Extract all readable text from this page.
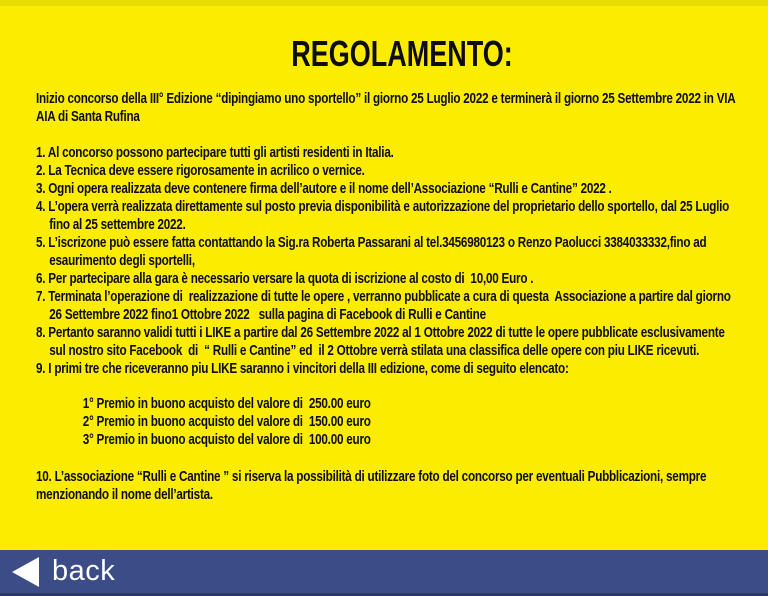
REGOLAMENTO:

Inizio concorso della III° Edizione “dipingiamo uno sportello” il giorno 25 Luglio 2022 e terminerà il giorno 25 Settembre 2022 in VIA AIA di Santa Rufina

1. Al concorso possono partecipare tutti gli artisti residenti in Italia.
2. La Tecnica deve essere rigorosamente in acrilico o vernice.
3. Ogni opera realizzata deve contenere firma dell’autore e il nome dell’Associazione “Rulli e Cantine” 2022 .
4. L’opera verrà realizzata direttamente sul posto previa disponibilità e autorizzazione del proprietario dello sportello, dal 25 Luglio fino al 25 settembre 2022.
5. L’iscrizone può essere fatta contattando la Sig.ra Roberta Passarani al tel.3456980123 o Renzo Paolucci 3384033332,fino ad esaurimento degli sportelli,
6. Per partecipare alla gara è necessario versare la quota di iscrizione al costo di  10,00 Euro .
7. Terminata l’operazione di  realizzazione di tutte le opere , verranno pubblicate a cura di questa  Associazione a partire dal giorno 26 Settembre 2022 fino1 Ottobre 2022   sulla pagina di Facebook di Rulli e Cantine
8. Pertanto saranno validi tutti i LIKE a partire dal 26 Settembre 2022 al 1 Ottobre 2022 di tutte le opere pubblicate esclusivamente sul nostro sito Facebook  di  “ Rulli e Cantine” ed  il 2 Ottobre verrà stilata una classifica delle opere con piu LIKE ricevuti.
9. I primi tre che riceveranno piu LIKE saranno i vincitori della III edizione, come di seguito elencato:

1° Premio in buono acquisto del valore di  250.00 euro

2° Premio in buono acquisto del valore di  150.00 euro

3° Premio in buono acquisto del valore di  100.00 euro

10. L’associazione “Rulli e Cantine ” si riserva la possibilità di utilizzare foto del concorso per eventuali Pubblicazioni, sempre menzionando il nome dell’artista.

back
